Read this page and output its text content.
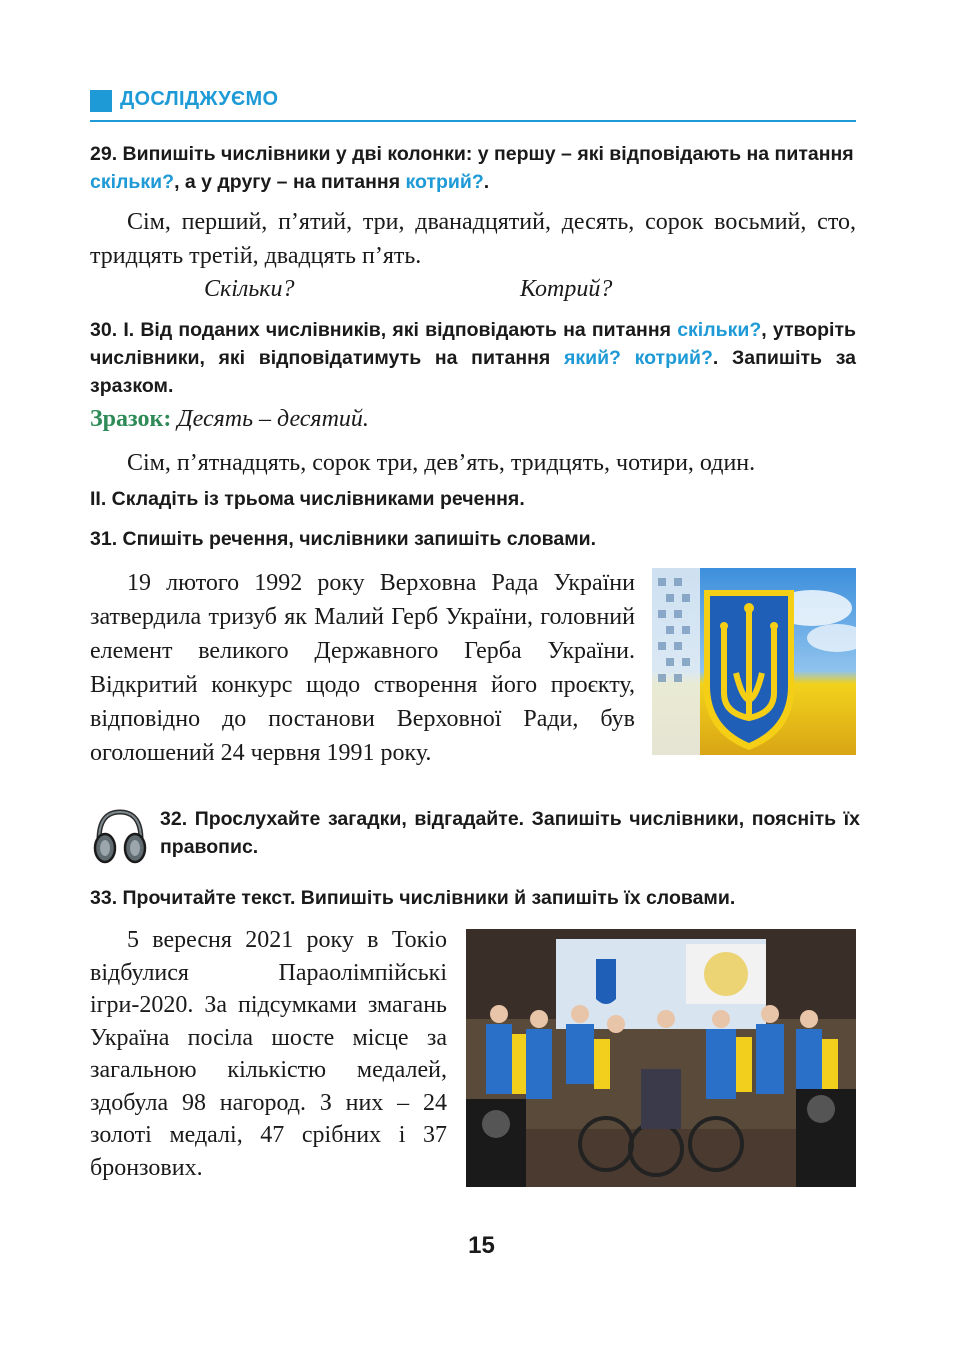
ДОСЛІДЖУЄМО
29. Випишіть числівники у дві колонки: у першу – які відповідають на питання скільки?, а у другу – на питання котрий?.
Сім, перший, п’ятий, три, дванадцятий, десять, сорок восьмий, сто, тридцять третій, двадцять п’ять.
Скільки?	Котрий?
30. I. Від поданих числівників, які відповідають на питання скільки?, утворіть числівники, які відповідатимуть на питання який? котрий?. Запишіть за зразком.
Зразок: Десять – десятий.
Сім, п’ятнадцять, сорок три, дев’ять, тридцять, чотири, один.
II. Складіть із трьома числівниками речення.
31. Спишіть речення, числівники запишіть словами.
19 лютого 1992 року Верховна Рада України затвердила тризуб як Малий Герб України, головний елемент великого Державного Герба України. Відкритий конкурс щодо створення його проєкту, відповідно до постанови Верховної Ради, був оголошений 24 червня 1991 року.
32. Прослухайте загадки, відгадайте. Запишіть числівники, поясніть їх правопис.
33. Прочитайте текст. Випишіть числівники й запишіть їх словами.
5 вересня 2021 року в Токіо відбулися Параолімпійські ігри-2020. За підсумками змагань Україна посіла шосте місце за загальною кількістю медалей, здобула 98 нагород. З них – 24 золоті медалі, 47 срібних і 37 бронзових.
15
